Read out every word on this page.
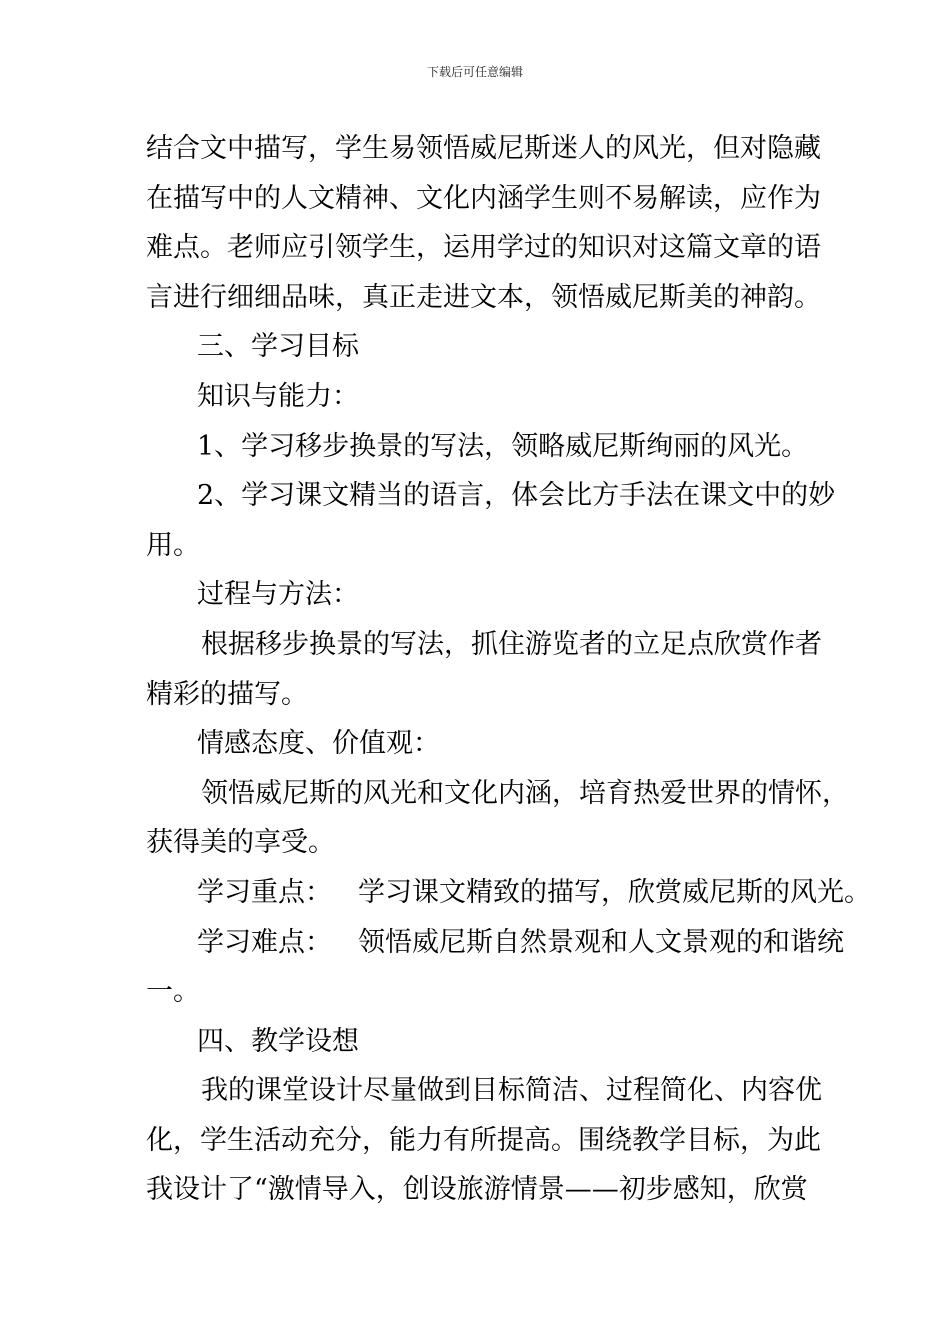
下载后可任意编辑
结合文中描写，学生易领悟威尼斯迷人的风光，但对隐藏
在描写中的人文精神、文化内涵学生则不易解读，应作为
难点。老师应引领学生，运用学过的知识对这篇文章的语
言进行细细品味，真正走进文本，领悟威尼斯美的神韵。
三、学习目标
知识与能力：
1、学习移步换景的写法，领略威尼斯绚丽的风光。
2、学习课文精当的语言，体会比方手法在课文中的妙
用。
过程与方法：
根据移步换景的写法，抓住游览者的立足点欣赏作者
精彩的描写。
情感态度、价值观：
领悟威尼斯的风光和文化内涵，培育热爱世界的情怀，
获得美的享受。
学习重点： 学习课文精致的描写，欣赏威尼斯的风光。
学习难点： 领悟威尼斯自然景观和人文景观的和谐统
一。
四、教学设想
我的课堂设计尽量做到目标简洁、过程简化、内容优
化，学生活动充分，能力有所提高。围绕教学目标，为此
我设计了“激情导入，创设旅游情景——初步感知，欣赏
